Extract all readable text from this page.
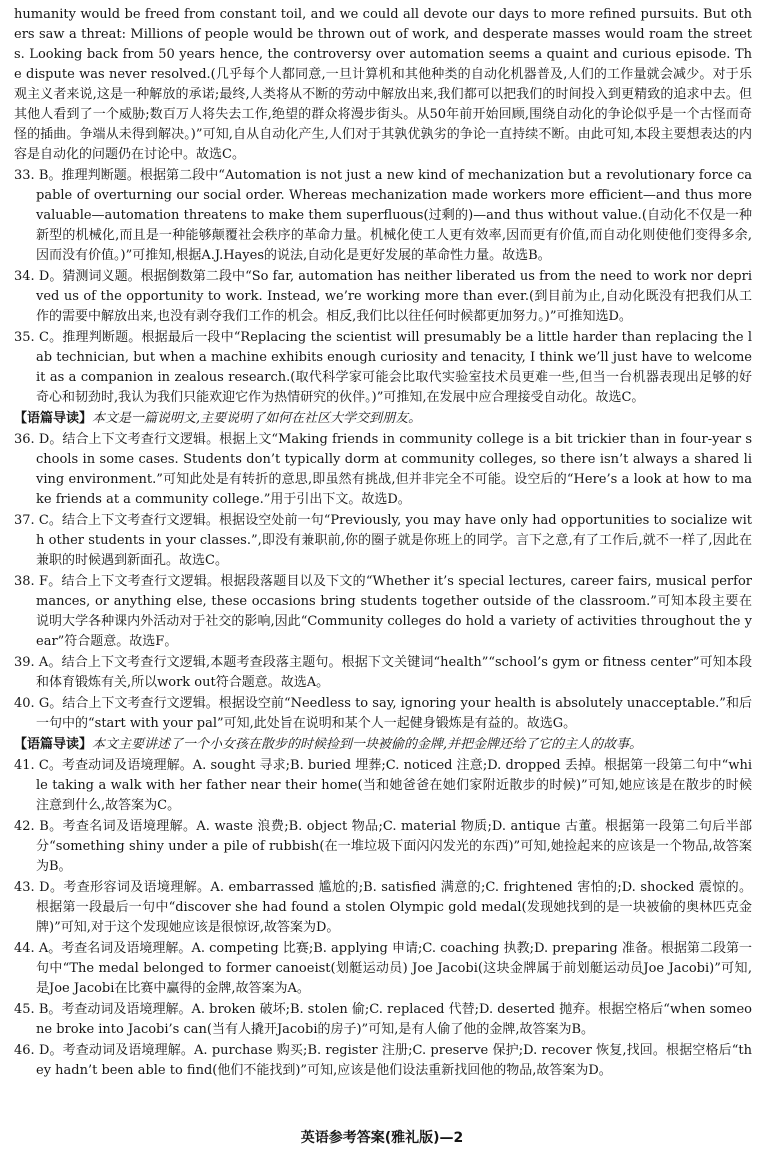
humanity would be freed from constant toil, and we could all devote our days to more refined pursuits. But others saw a threat: Millions of people would be thrown out of work, and desperate masses would roam the streets. Looking back from 50 years hence, the controversy over automation seems a quaint and curious episode. The dispute was never resolved.(几乎每个人都同意,一旦计算机和其他种类的自动化机器普及,人们的工作量就会减少。对于乐观主义者来说,这是一种解放的承诺;最终,人类将从不断的劳动中解放出来,我们都可以把我们的时间投入到更精致的追求中去。但其他人看到了一个威胁;数百万人将失去工作,绝望的群众将漫步街头。从50年前开始回顾,围绕自动化的争论似乎是一个古怪而奇怪的插曲。争端从未得到解决。)”可知,自从自动化产生,人们对于其孰优孰劣的争论一直持续不断。由此可知,本段主要想表达的内容是自动化的问题仍在讨论中。故选C。

33. B。推理判断题。根据第二段中“Automation is not just a new kind of mechanization but a revolutionary force capable of overturning our social order. Whereas mechanization made workers more efficient—and thus more valuable—automation threatens to make them superfluous(过剩的)—and thus without value.(自动化不仅是一种新型的机械化,而且是一种能够颠覆社会秩序的革命力量。机械化使工人更有效率,因而更有价值,而自动化则使他们变得多余,因而没有价值。)”可推知,根据A.J.Hayes的说法,自动化是更好发展的革命性力量。故选B。

34. D。猜测词义题。根据倒数第二段中“So far, automation has neither liberated us from the need to work nor deprived us of the opportunity to work. Instead, we’re working more than ever.(到目前为止,自动化既没有把我们从工作的需要中解放出来,也没有剥夺我们工作的机会。相反,我们比以往任何时候都更加努力。)”可推知选D。

35. C。推理判断题。根据最后一段中“Replacing the scientist will presumably be a little harder than replacing the lab technician, but when a machine exhibits enough curiosity and tenacity, I think we’ll just have to welcome it as a companion in zealous research.(取代科学家可能会比取代实验室技术员更难一些,但当一台机器表现出足够的好奇心和韧劲时,我认为我们只能欢迎它作为热情研究的伙伴。)”可推知,在发展中应合理接受自动化。故选C。

【语篇导读】本文是一篇说明文,主要说明了如何在社区大学交到朋友。

36. D。结合上下文考查行文逻辑。根据上文“Making friends in community college is a bit trickier than in four-year schools in some cases. Students don’t typically dorm at community colleges, so there isn’t always a shared living environment.”可知此处是有转折的意思,即虽然有挑战,但并非完全不可能。设空后的“Here’s a look at how to make friends at a community college.”用于引出下文。故选D。

37. C。结合上下文考查行文逻辑。根据设空处前一句“Previously, you may have only had opportunities to socialize with other students in your classes.”,即没有兼职前,你的圈子就是你班上的同学。言下之意,有了工作后,就不一样了,因此在兼职的时候遇到新面孔。故选C。

38. F。结合上下文考查行文逻辑。根据段落题目以及下文的“Whether it’s special lectures, career fairs, musical performances, or anything else, these occasions bring students together outside of the classroom.”可知本段主要在说明大学各种课内外活动对于社交的影响,因此“Community colleges do hold a variety of activities throughout the year”符合题意。故选F。

39. A。结合上下文考查行文逻辑,本题考查段落主题句。根据下文关键词“health”“school’s gym or fitness center”可知本段和体育锻炼有关,所以work out符合题意。故选A。

40. G。结合上下文考查行文逻辑。根据设空前“Needless to say, ignoring your health is absolutely unacceptable.”和后一句中的“start with your pal”可知,此处旨在说明和某个人一起健身锻炼是有益的。故选G。

【语篇导读】本文主要讲述了一个小女孩在散步的时候捡到一块被偷的金牌,并把金牌还给了它的主人的故事。

41. C。考查动词及语境理解。A. sought 寻求;B. buried 埋葬;C. noticed 注意;D. dropped 丢掉。根据第一段第二句中“while taking a walk with her father near their home(当和她爸爸在她们家附近散步的时候)”可知,她应该是在散步的时候注意到什么,故答案为C。

42. B。考查名词及语境理解。A. waste 浪费;B. object 物品;C. material 物质;D. antique 古董。根据第一段第二句后半部分“something shiny under a pile of rubbish(在一堆垃圾下面闪闪发光的东西)”可知,她捡起来的应该是一个物品,故答案为B。

43. D。考查形容词及语境理解。A. embarrassed 尴尬的;B. satisfied 满意的;C. frightened 害怕的;D. shocked 震惊的。根据第一段最后一句中“discover she had found a stolen Olympic gold medal(发现她找到的是一块被偷的奥林匹克金牌)”可知,对于这个发现她应该是很惊讶,故答案为D。

44. A。考查名词及语境理解。A. competing 比赛;B. applying 申请;C. coaching 执教;D. preparing 准备。根据第二段第一句中“The medal belonged to former canoeist(划艇运动员) Joe Jacobi(这块金牌属于前划艇运动员Joe Jacobi)”可知,是Joe Jacobi在比赛中赢得的金牌,故答案为A。

45. B。考查动词及语境理解。A. broken 破坏;B. stolen 偷;C. replaced 代替;D. deserted 抛弃。根据空格后“when someone broke into Jacobi’s can(当有人撬开Jacobi的房子)”可知,是有人偷了他的金牌,故答案为B。

46. D。考查动词及语境理解。A. purchase 购买;B. register 注册;C. preserve 保护;D. recover 恢复,找回。根据空格后“they hadn’t been able to find(他们不能找到)”可知,应该是他们设法重新找回他的物品,故答案为D。

英语参考答案(雅礼版)—2
